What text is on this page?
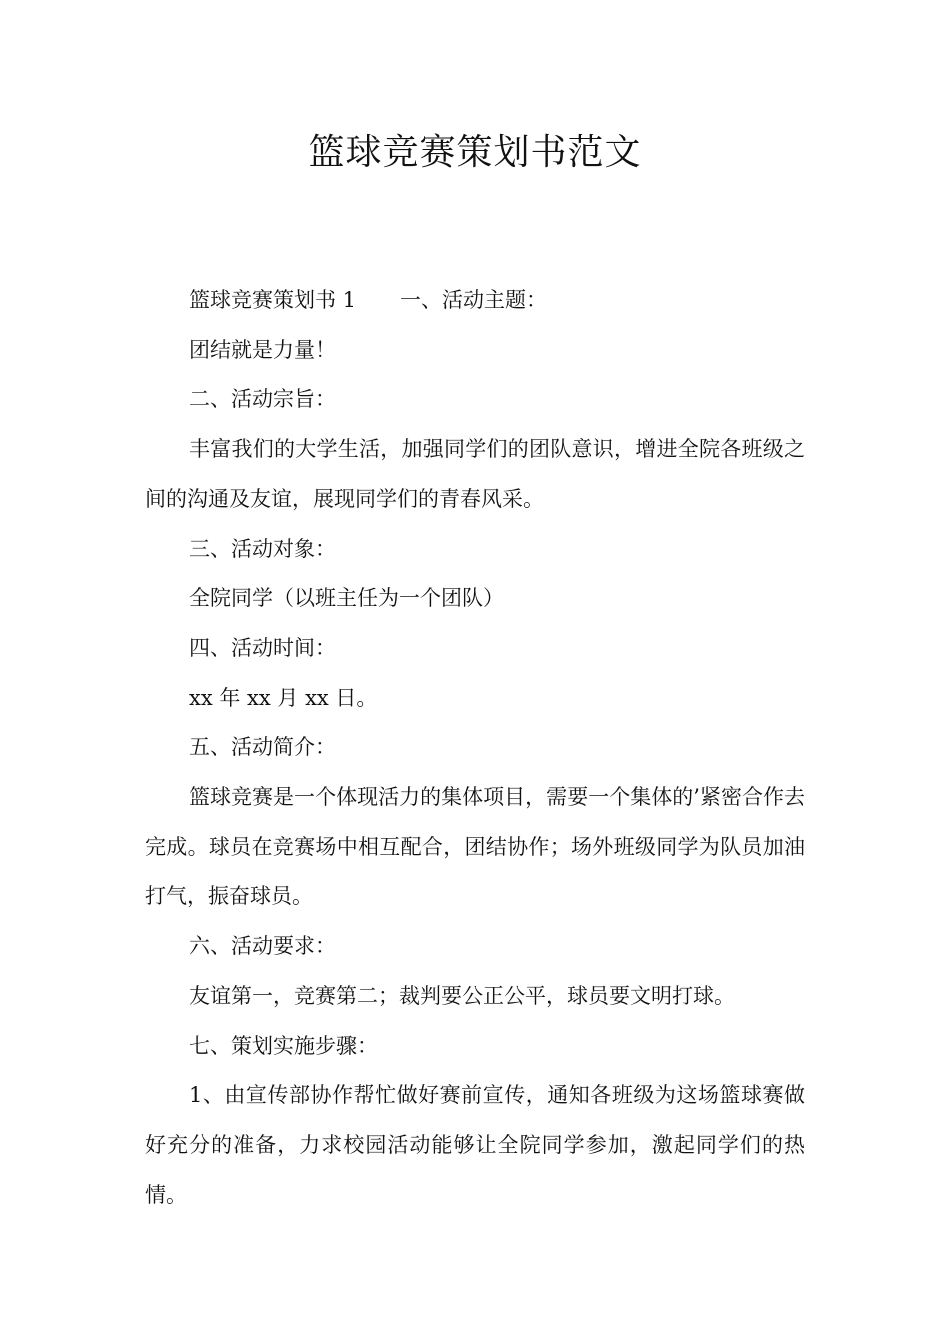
篮球竞赛策划书范文

篮球竞赛策划书 1 一、活动主题：

团结就是力量！

二、活动宗旨：

丰富我们的大学生活，加强同学们的团队意识，增进全院各班级之间的沟通及友谊，展现同学们的青春风采。

三、活动对象：

全院同学（以班主任为一个团队）

四、活动时间：

xx 年 xx 月 xx 日。

五、活动简介：

篮球竞赛是一个体现活力的集体项目，需要一个集体的’紧密合作去完成。球员在竞赛场中相互配合，团结协作；场外班级同学为队员加油打气，振奋球员。

六、活动要求：

友谊第一，竞赛第二；裁判要公正公平，球员要文明打球。

七、策划实施步骤：

1、由宣传部协作帮忙做好赛前宣传，通知各班级为这场篮球赛做好充分的准备，力求校园活动能够让全院同学参加，激起同学们的热情。
